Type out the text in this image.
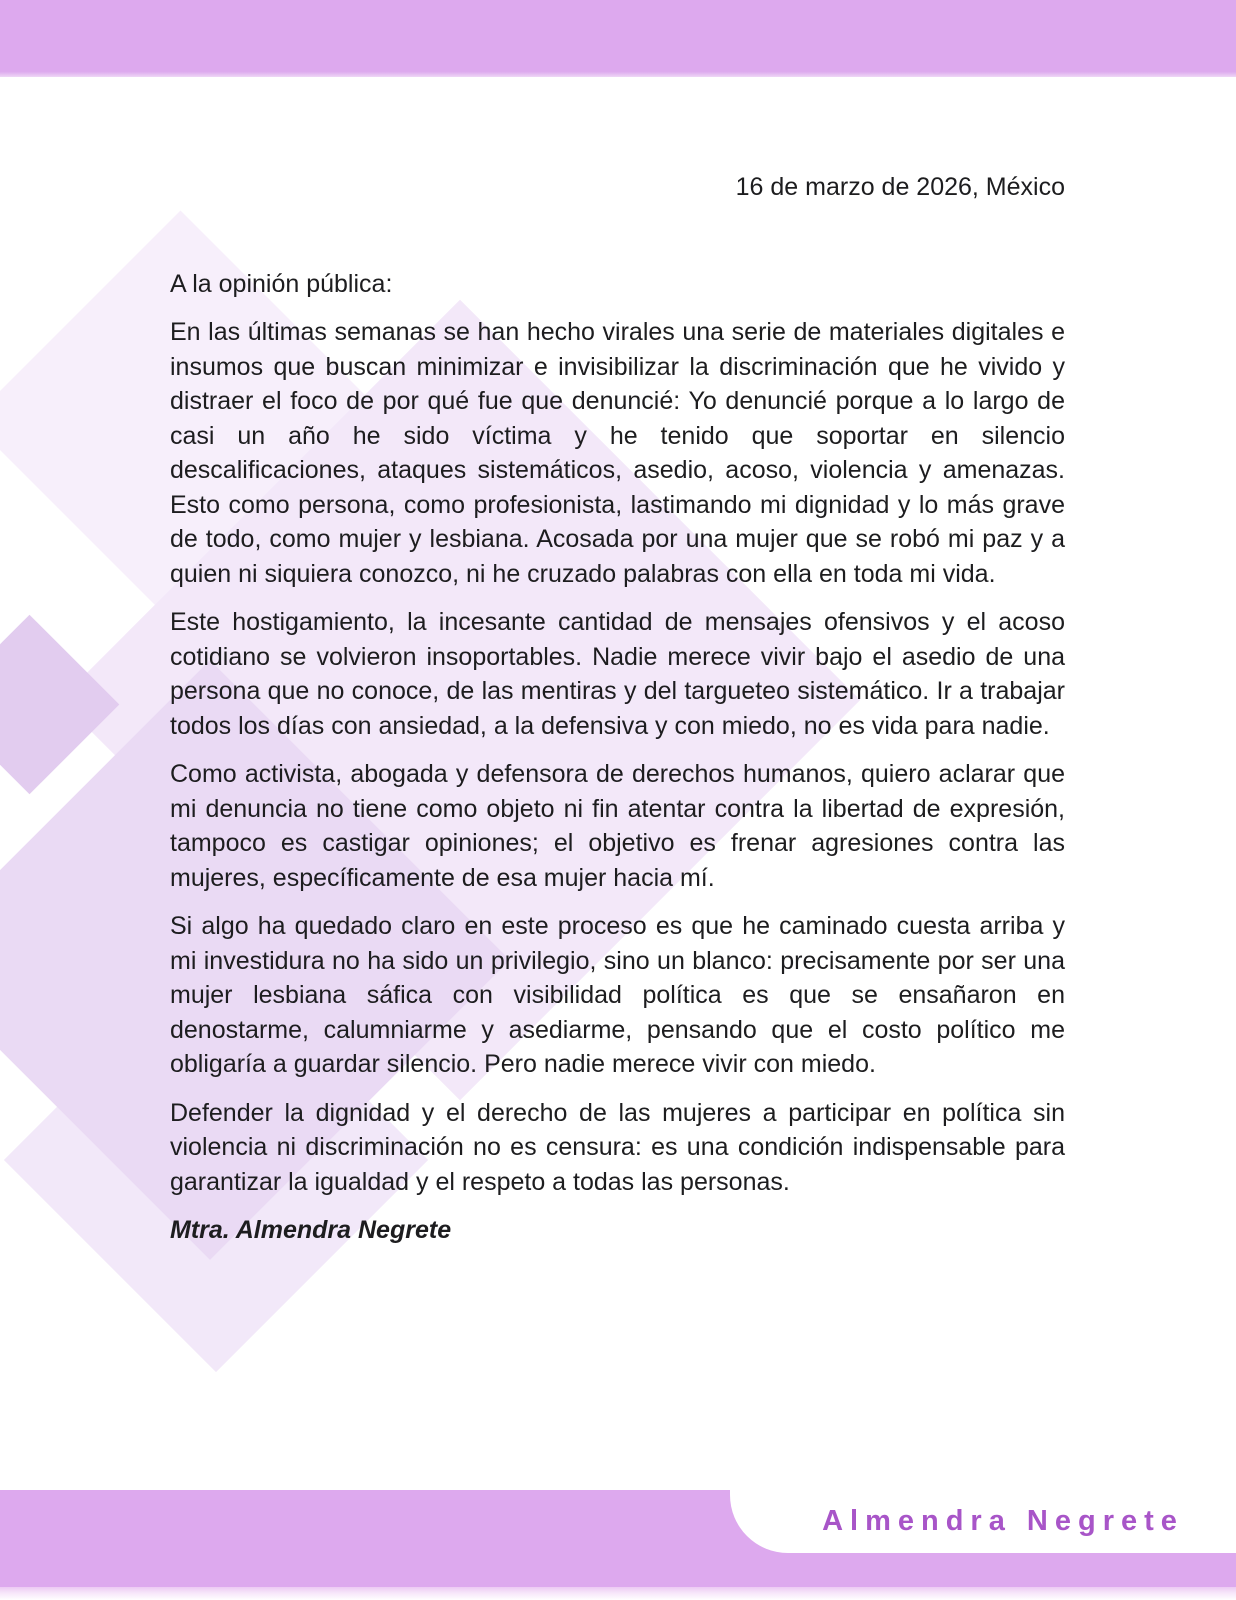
16 de marzo de 2026, México
A la opinión pública:

En las últimas semanas se han hecho virales una serie de materiales digitales e insumos que buscan minimizar e invisibilizar la discriminación que he vivido y distraer el foco de por qué fue que denuncié: Yo denuncié porque a lo largo de casi un año he sido víctima y he tenido que soportar en silencio descalificaciones, ataques sistemáticos, asedio, acoso, violencia y amenazas. Esto como persona, como profesionista, lastimando mi dignidad y lo más grave de todo, como mujer y lesbiana. Acosada por una mujer que se robó mi paz y a quien ni siquiera conozco, ni he cruzado palabras con ella en toda mi vida.

Este hostigamiento, la incesante cantidad de mensajes ofensivos y el acoso cotidiano se volvieron insoportables. Nadie merece vivir bajo el asedio de una persona que no conoce, de las mentiras y del targueteo sistemático. Ir a trabajar todos los días con ansiedad, a la defensiva y con miedo, no es vida para nadie.

Como activista, abogada y defensora de derechos humanos, quiero aclarar que mi denuncia no tiene como objeto ni fin atentar contra la libertad de expresión, tampoco es castigar opiniones; el objetivo es frenar agresiones contra las mujeres, específicamente de esa mujer hacia mí.

Si algo ha quedado claro en este proceso es que he caminado cuesta arriba y mi investidura no ha sido un privilegio, sino un blanco: precisamente por ser una mujer lesbiana sáfica con visibilidad política es que se ensañaron en denostarme, calumniarme y asediarme, pensando que el costo político me obligaría a guardar silencio. Pero nadie merece vivir con miedo.

Defender la dignidad y el derecho de las mujeres a participar en política sin violencia ni discriminación no es censura: es una condición indispensable para garantizar la igualdad y el respeto a todas las personas.

Mtra. Almendra Negrete

Almendra Negrete
